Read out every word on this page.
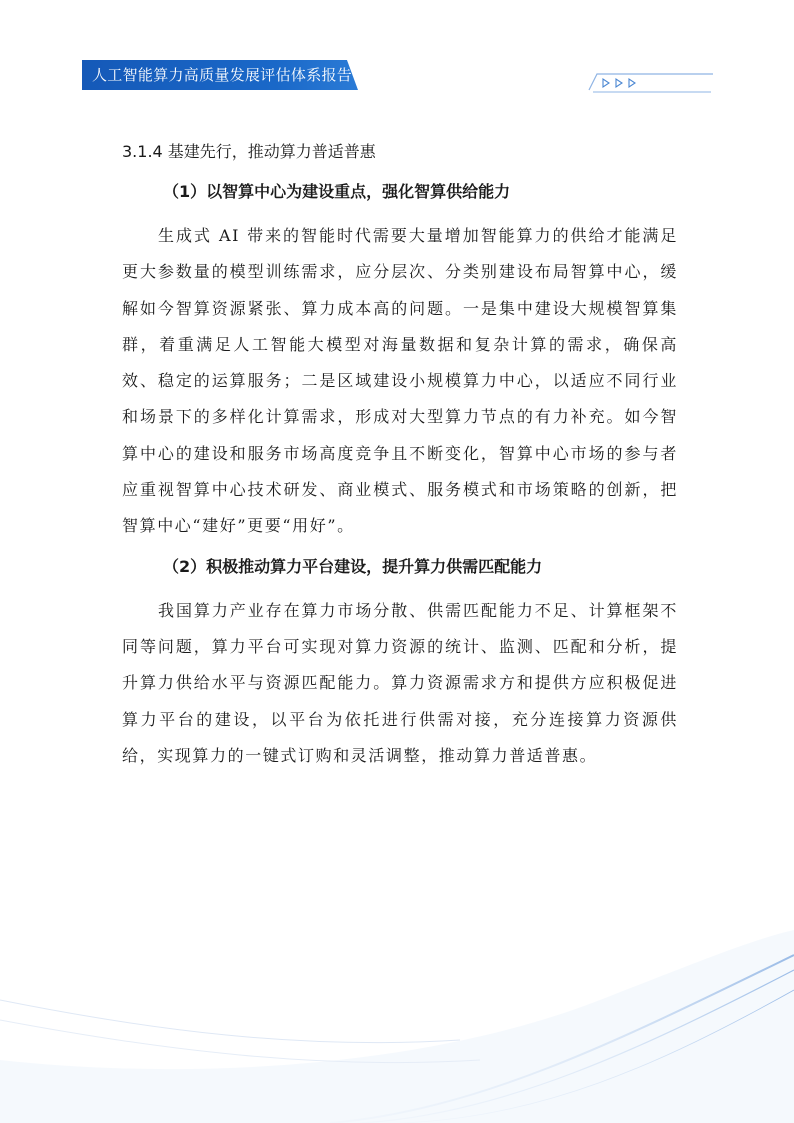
人工智能算力高质量发展评估体系报告
3.1.4 基建先行，推动算力普适普惠
（1）以智算中心为建设重点，强化智算供给能力

生成式 AI 带来的智能时代需要大量增加智能算力的供给才能满足更大参数量的模型训练需求，应分层次、分类别建设布局智算中心，缓解如今智算资源紧张、算力成本高的问题。一是集中建设大规模智算集群，着重满足人工智能大模型对海量数据和复杂计算的需求，确保高效、稳定的运算服务；二是区域建设小规模算力中心，以适应不同行业和场景下的多样化计算需求，形成对大型算力节点的有力补充。如今智算中心的建设和服务市场高度竞争且不断变化，智算中心市场的参与者应重视智算中心技术研发、商业模式、服务模式和市场策略的创新，把智算中心“建好”更要“用好”。

（2）积极推动算力平台建设，提升算力供需匹配能力

我国算力产业存在算力市场分散、供需匹配能力不足、计算框架不同等问题，算力平台可实现对算力资源的统计、监测、匹配和分析，提升算力供给水平与资源匹配能力。算力资源需求方和提供方应积极促进算力平台的建设，以平台为依托进行供需对接，充分连接算力资源供给，实现算力的一键式订购和灵活调整，推动算力普适普惠。
